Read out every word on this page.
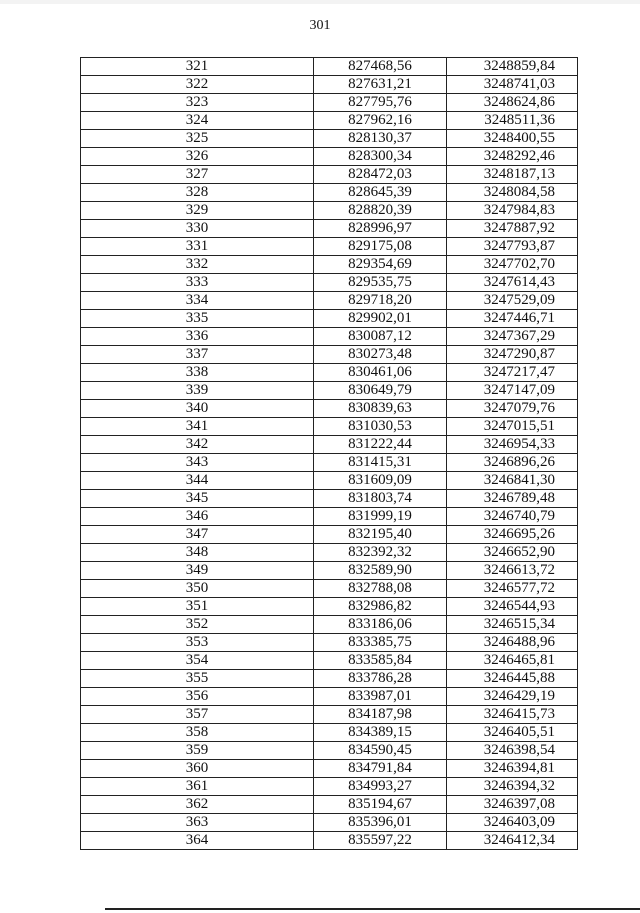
301
321	827468,56	3248859,84
322	827631,21	3248741,03
323	827795,76	3248624,86
324	827962,16	3248511,36
325	828130,37	3248400,55
326	828300,34	3248292,46
327	828472,03	3248187,13
328	828645,39	3248084,58
329	828820,39	3247984,83
330	828996,97	3247887,92
331	829175,08	3247793,87
332	829354,69	3247702,70
333	829535,75	3247614,43
334	829718,20	3247529,09
335	829902,01	3247446,71
336	830087,12	3247367,29
337	830273,48	3247290,87
338	830461,06	3247217,47
339	830649,79	3247147,09
340	830839,63	3247079,76
341	831030,53	3247015,51
342	831222,44	3246954,33
343	831415,31	3246896,26
344	831609,09	3246841,30
345	831803,74	3246789,48
346	831999,19	3246740,79
347	832195,40	3246695,26
348	832392,32	3246652,90
349	832589,90	3246613,72
350	832788,08	3246577,72
351	832986,82	3246544,93
352	833186,06	3246515,34
353	833385,75	3246488,96
354	833585,84	3246465,81
355	833786,28	3246445,88
356	833987,01	3246429,19
357	834187,98	3246415,73
358	834389,15	3246405,51
359	834590,45	3246398,54
360	834791,84	3246394,81
361	834993,27	3246394,32
362	835194,67	3246397,08
363	835396,01	3246403,09
364	835597,22	3246412,34
